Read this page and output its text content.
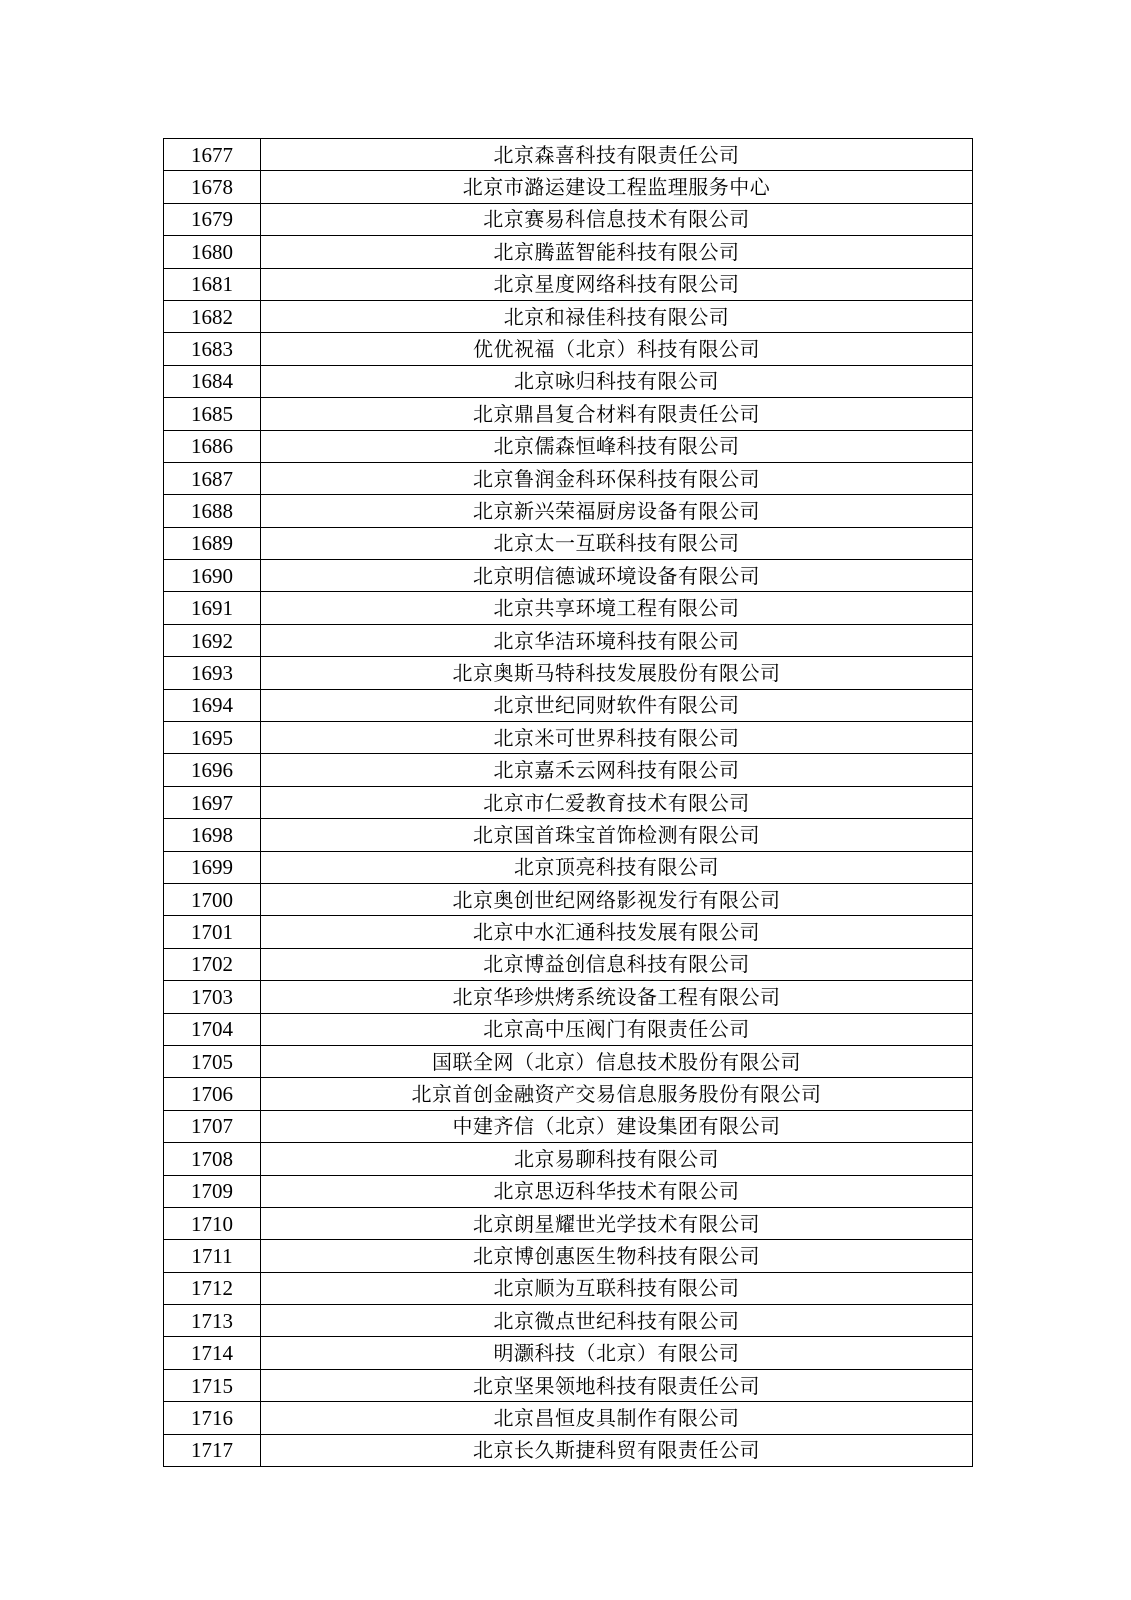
1677	北京森喜科技有限责任公司
1678	北京市潞运建设工程监理服务中心
1679	北京赛易科信息技术有限公司
1680	北京腾蓝智能科技有限公司
1681	北京星度网络科技有限公司
1682	北京和禄佳科技有限公司
1683	优优祝福（北京）科技有限公司
1684	北京咏归科技有限公司
1685	北京鼎昌复合材料有限责任公司
1686	北京儒森恒峰科技有限公司
1687	北京鲁润金科环保科技有限公司
1688	北京新兴荣福厨房设备有限公司
1689	北京太一互联科技有限公司
1690	北京明信德诚环境设备有限公司
1691	北京共享环境工程有限公司
1692	北京华洁环境科技有限公司
1693	北京奥斯马特科技发展股份有限公司
1694	北京世纪同财软件有限公司
1695	北京米可世界科技有限公司
1696	北京嘉禾云网科技有限公司
1697	北京市仁爱教育技术有限公司
1698	北京国首珠宝首饰检测有限公司
1699	北京顶亮科技有限公司
1700	北京奥创世纪网络影视发行有限公司
1701	北京中水汇通科技发展有限公司
1702	北京博益创信息科技有限公司
1703	北京华珍烘烤系统设备工程有限公司
1704	北京高中压阀门有限责任公司
1705	国联全网（北京）信息技术股份有限公司
1706	北京首创金融资产交易信息服务股份有限公司
1707	中建齐信（北京）建设集团有限公司
1708	北京易聊科技有限公司
1709	北京思迈科华技术有限公司
1710	北京朗星耀世光学技术有限公司
1711	北京博创惠医生物科技有限公司
1712	北京顺为互联科技有限公司
1713	北京微点世纪科技有限公司
1714	明灏科技（北京）有限公司
1715	北京坚果领地科技有限责任公司
1716	北京昌恒皮具制作有限公司
1717	北京长久斯捷科贸有限责任公司
